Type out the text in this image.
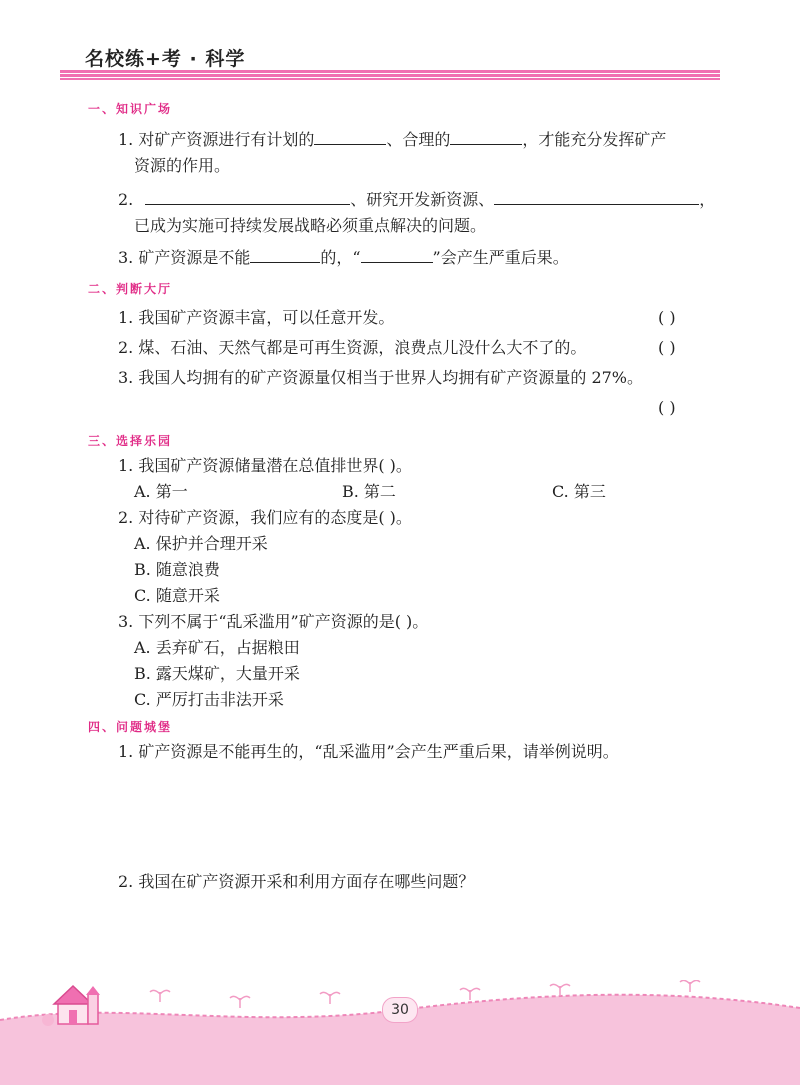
名校练+考 · 科学
一、知识广场
1. 对矿产资源进行有计划的	、合理的	，才能充分发挥矿产
资源的作用。
2.	、研究开发新资源、	，
已成为实施可持续发展战略必须重点解决的问题。
3. 矿产资源是不能	的，“	”会产生严重后果。
二、判断大厅
1. 我国矿产资源丰富，可以任意开发。	( )
2. 煤、石油、天然气都是可再生资源，浪费点儿没什么大不了的。	( )
3. 我国人均拥有的矿产资源量仅相当于世界人均拥有矿产资源量的 27%。
( )
三、选择乐园
1. 我国矿产资源储量潜在总值排世界( )。
A. 第一	B. 第二	C. 第三
2. 对待矿产资源，我们应有的态度是( )。
A. 保护并合理开采
B. 随意浪费
C. 随意开采
3. 下列不属于“乱采滥用”矿产资源的是( )。
A. 丢弃矿石，占据粮田
B. 露天煤矿，大量开采
C. 严厉打击非法开采
四、问题城堡
1. 矿产资源是不能再生的，“乱采滥用”会产生严重后果，请举例说明。
2. 我国在矿产资源开采和利用方面存在哪些问题？
30
